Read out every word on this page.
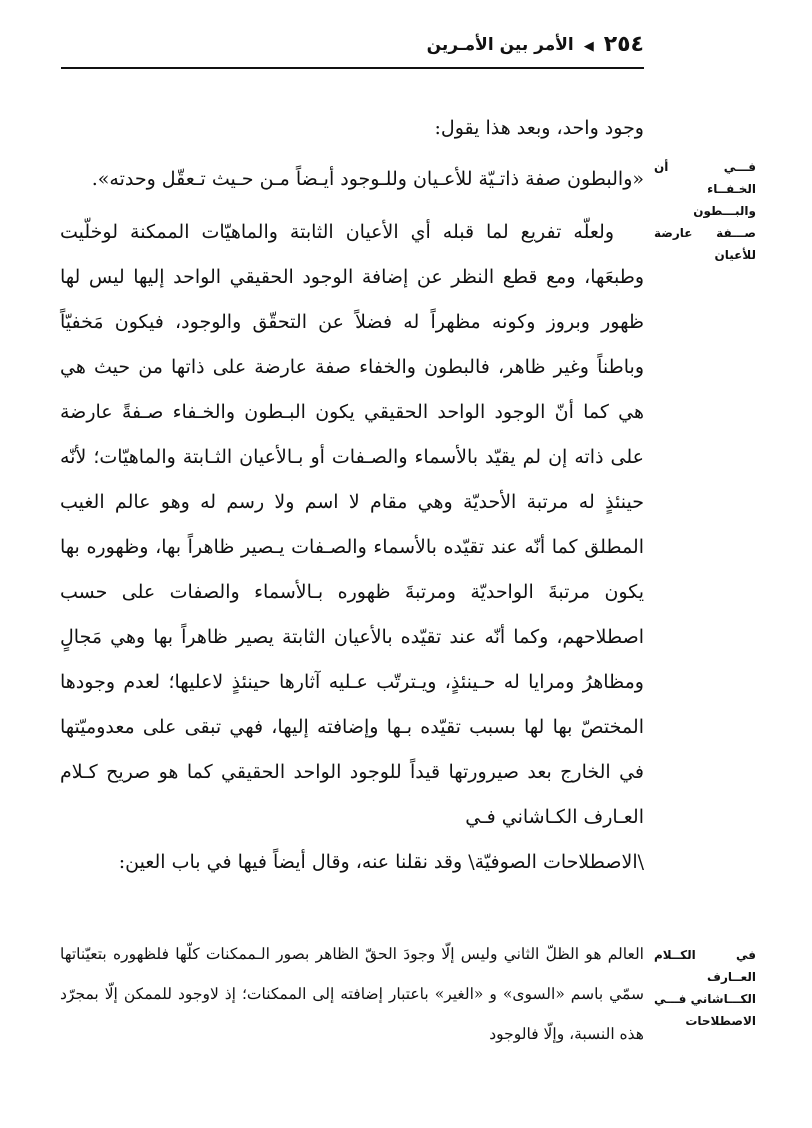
٢٥٤
◀
الأمر بين الأمـرين

وجود واحد، وبعد هذا يقول:

«والبطون صفة ذاتـيّة للأعـيان وللـوجود أيـضاً مـن حـيث تـعقّل وحدته».

ولعلّه تفريع لما قبله أي الأعيان الثابتة والماهيّات الممكنة لوخلّيت وطبعَها، ومع قطع النظر عن إضافة الوجود الحقيقي الواحد إليها ليس لها ظهور وبروز وكونه مظهراً له فضلاً عن التحقّق والوجود، فيكون مَخفيّاً وباطناً وغير ظاهر، فالبطون والخفاء صفة عارضة على ذاتها من حيث هي هي كما أنّ الوجود الواحد الحقيقي يكون البـطون والخـفاء صـفةً عارضة على ذاته إن لم يقيّد بالأسماء والصـفات أو بـالأعيان الثـابتة والماهيّات؛ لأنّه حينئذٍ له مرتبة الأحديّة وهي مقام لا اسم ولا رسم له وهو عالم الغيب المطلق كما أنّه عند تقيّده بالأسماء والصـفات يـصير ظاهراً بها، وظهوره بها يكون مرتبةَ الواحديّة ومرتبةَ ظهوره بـالأسماء والصفات على حسب اصطلاحهم، وكما أنّه عند تقيّده بالأعيان الثابتة يصير ظاهراً بها وهي مَجالٍ ومظاهرُ ومرايا له حـينئذٍ، ويـترتّب عـليه آثارها حينئذٍ لاعليها؛ لعدم وجودها المختصّ بها لها بسبب تقيّده بـها وإضافته إليها، فهي تبقى على معدوميّتها في الخارج بعد صيرورتها قيداً للوجود الواحد الحقيقي كما هو صريح كـلام العـارف الكـاشاني فـي

\الاصطلاحات الصوفيّة\ وقد نقلنا عنه، وقال أيضاً فيها في باب العين:

العالم هو الظلّ الثاني وليس إلّا وجودَ الحقّ الظاهر بصور الـممكنات كلّها فلظهوره بتعيّناتها سمّي باسم «السوى» و «الغير» باعتبار إضافته إلى الممكنات؛ إذ لاوجود للممكن إلّا بمجرّد هذه النسبة، وإلّا فالوجود

فـــي أن الخـفــاء والبـــطون صـــفة عارضة للأعيان

في الكــلام العــارف الكـــاشاني فـــي الاصطلاحات
